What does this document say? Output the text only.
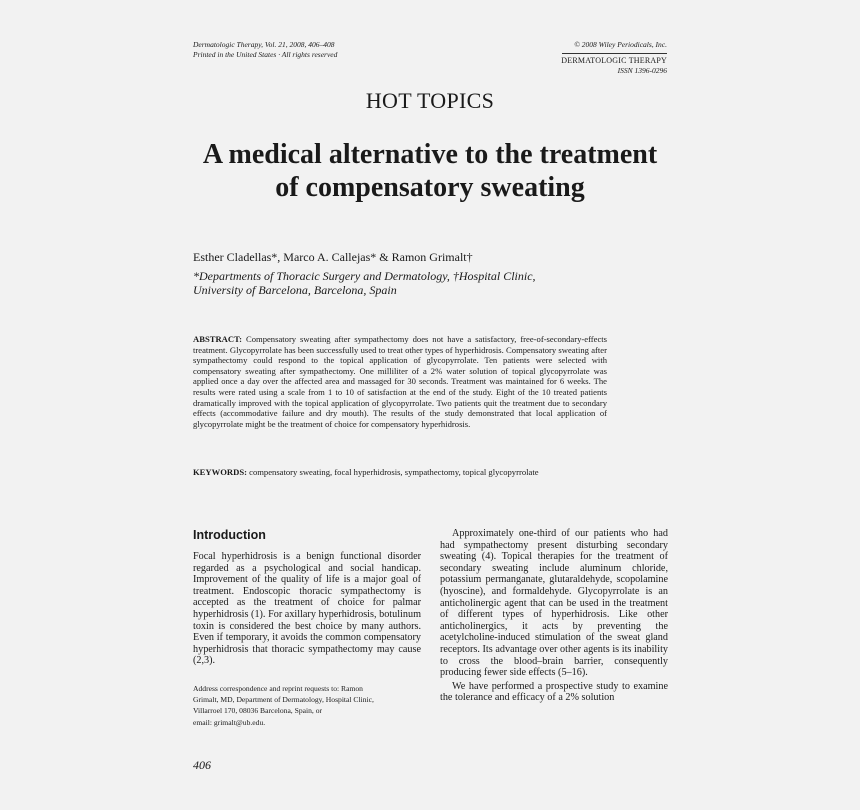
Dermatologic Therapy, Vol. 21, 2008, 406–408
Printed in the United States · All rights reserved
© 2008 Wiley Periodicals, Inc.
DERMATOLOGIC THERAPY
ISSN 1396-0296
HOT TOPICS
A medical alternative to the treatment of compensatory sweating
Esther Cladellas*, Marco A. Callejas* & Ramon Grimalt†
*Departments of Thoracic Surgery and Dermatology, †Hospital Clinic,
University of Barcelona, Barcelona, Spain
ABSTRACT: Compensatory sweating after sympathectomy does not have a satisfactory, free-of-secondary-effects treatment. Glycopyrrolate has been successfully used to treat other types of hyperhidrosis. Compensatory sweating after sympathectomy could respond to the topical application of glycopyrrolate. Ten patients were selected with compensatory sweating after sympathectomy. One milliliter of a 2% water solution of topical glycopyrrolate was applied once a day over the affected area and massaged for 30 seconds. Treatment was maintained for 6 weeks. The results were rated using a scale from 1 to 10 of satisfaction at the end of the study. Eight of the 10 treated patients dramatically improved with the topical application of glycopyrrolate. Two patients quit the treatment due to secondary effects (accommodative failure and dry mouth). The results of the study demonstrated that local application of glycopyrrolate might be the treatment of choice for compensatory hyperhidrosis.
KEYWORDS: compensatory sweating, focal hyperhidrosis, sympathectomy, topical glycopyrrolate
Introduction

Focal hyperhidrosis is a benign functional disorder regarded as a psychological and social handicap. Improvement of the quality of life is a major goal of treatment. Endoscopic thoracic sympathectomy is accepted as the treatment of choice for palmar hyperhidrosis (1). For axillary hyperhidrosis, botulinum toxin is considered the best choice by many authors. Even if temporary, it avoids the common compensatory hyperhidrosis that thoracic sympathectomy may cause (2,3).

Address correspondence and reprint requests to: Ramon
Grimalt, MD, Department of Dermatology, Hospital Clinic,
Villarroel 170, 08036 Barcelona, Spain, or
email: grimalt@ub.edu.

Approximately one-third of our patients who had had sympathectomy present disturbing secondary sweating (4). Topical therapies for the treatment of secondary sweating include aluminum chloride, potassium permanganate, glutaraldehyde, scopolamine (hyoscine), and formaldehyde. Glycopyrrolate is an anticholinergic agent that can be used in the treatment of different types of hyperhidrosis. Like other anticholinergics, it acts by preventing the acetylcholine-induced stimulation of the sweat gland receptors. Its advantage over other agents is its inability to cross the blood–brain barrier, consequently producing fewer side effects (5–16).

We have performed a prospective study to examine the tolerance and efficacy of a 2% solution

406
